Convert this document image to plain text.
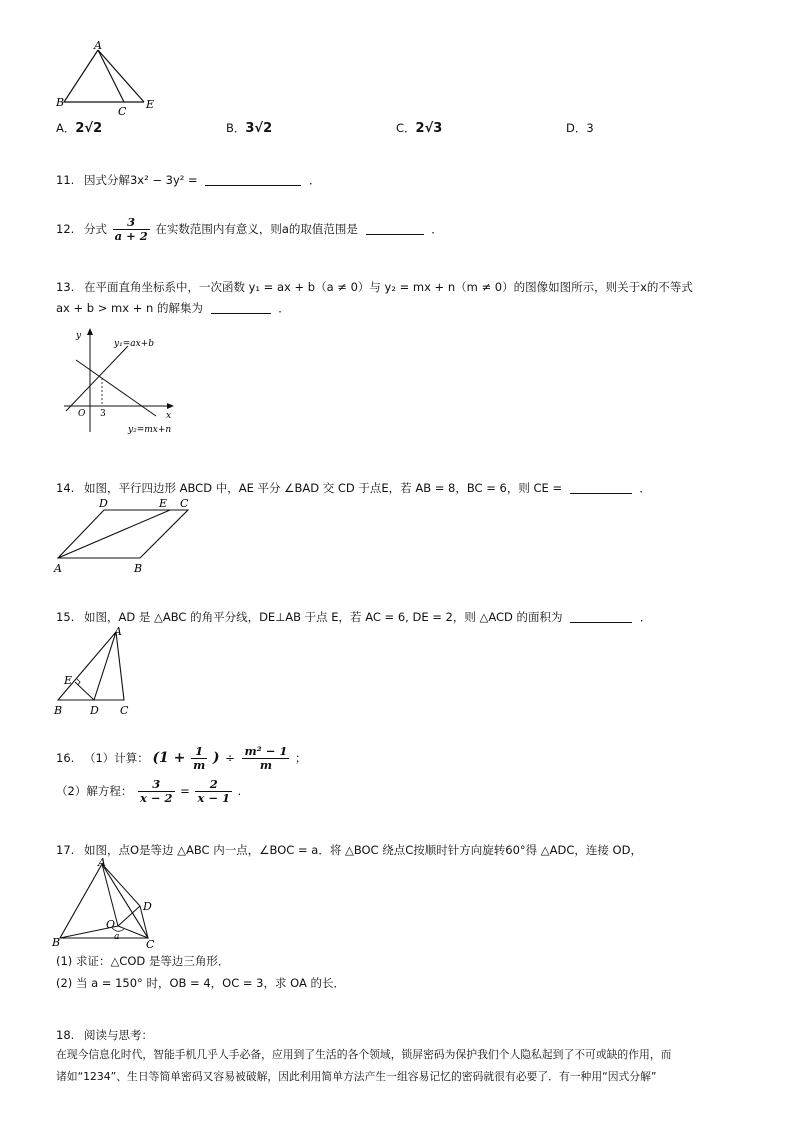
A
B
C
E
A．2√2	B．3√2	C．2√3	D．3
11. 因式分解3x² − 3y² =	．
12. 分式 $\frac{3}{a + 2}$ 在实数范围内有意义，则a的取值范围是	．
13. 在平面直角坐标系中，一次函数 y₁ = ax + b（a ≠ 0）与 y₂ = mx + n（m ≠ 0）的图像如图所示，则关于x的不等式
ax + b > mx + n 的解集为	．
y
x
O 3
y₁=ax+b
y₂=mx+n
14. 如图，平行四边形 ABCD 中，AE 平分 ∠BAD 交 CD 于点E，若 AB = 8，BC = 6，则 CE =	．
D	E C
A	B
15. 如图，AD 是 △ABC 的角平分线，DE⊥AB 于点 E，若 AC = 6, DE = 2，则 △ACD 的面积为	．
A
E
B	D C
16. （1）计算： ($1 + \frac{1}{m}$ ) ÷ $\frac{\text{m² − 1}}{m}$ ；
（2）解方程： $\frac{3}{x - 2} = \frac{2}{x - 1}$ .
17. 如图，点O是等边 △ABC 内一点，∠BOC = a．将 △BOC 绕点C按顺时针方向旋转60°得 △ADC，连接 OD，
A
D
O
a
B	C
(1) 求证：△COD 是等边三角形．
(2) 当 a = 150° 时，OB = 4，OC = 3，求 OA 的长．
18. 阅读与思考：
在现今信息化时代，智能手机几乎人手必备，应用到了生活的各个领域，锁屏密码为保护我们个人隐私起到了不可或缺的作用，而
诸如“1234”、生日等简单密码又容易被破解，因此利用简单方法产生一组容易记忆的密码就很有必要了．有一种用“因式分解”
